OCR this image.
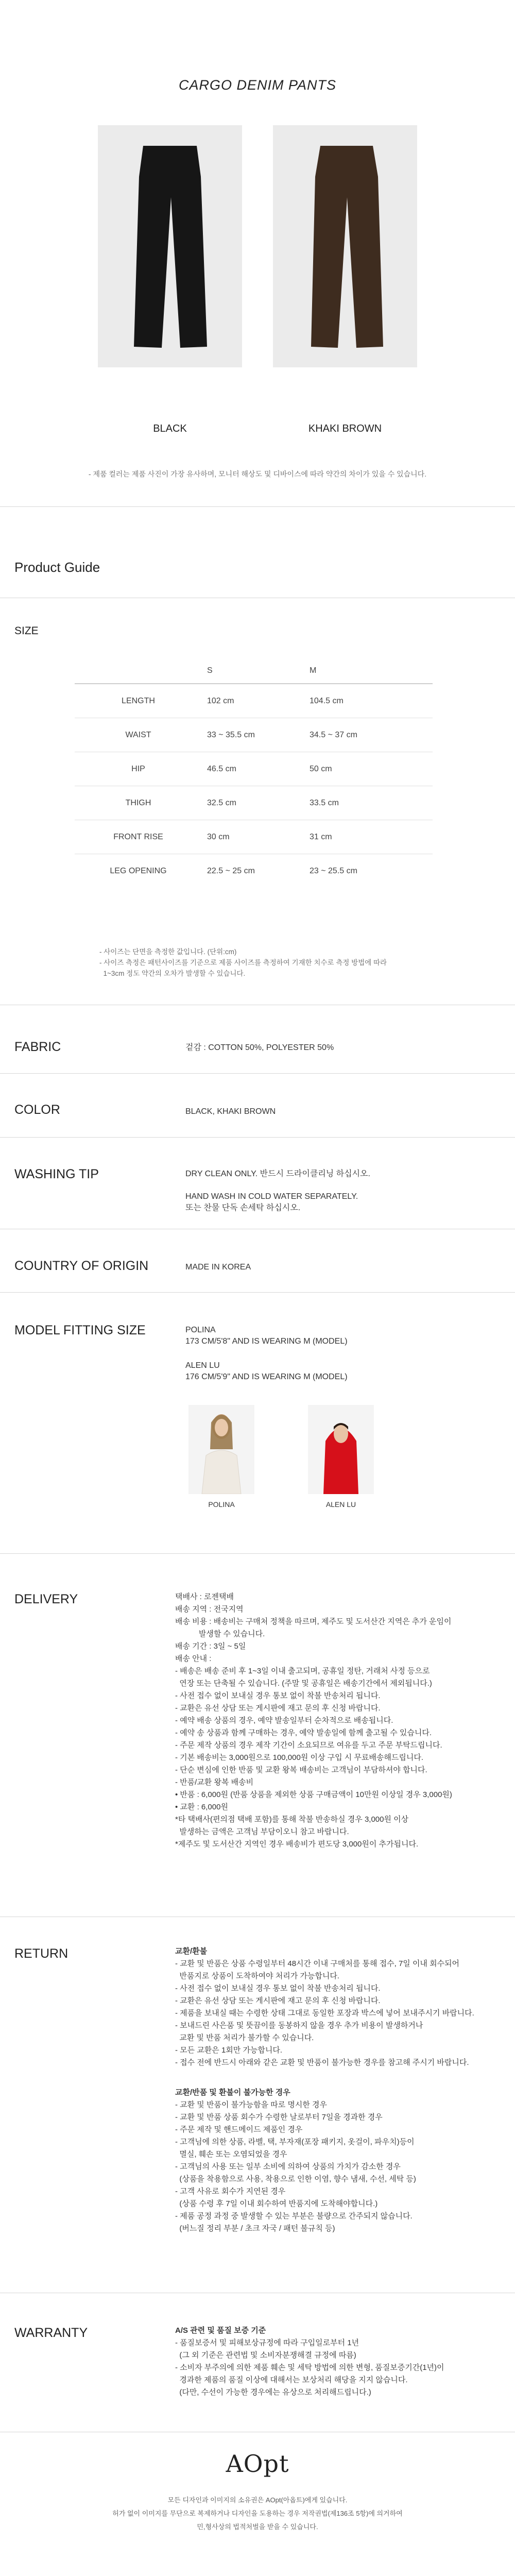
CARGO DENIM PANTS
BLACK	KHAKI BROWN
- 제품 컬러는 제품 사진이 가장 유사하며, 모니터 해상도 및 디바이스에 따라 약간의 차이가 있을 수 있습니다.
Product Guide
SIZE
	S	M
LENGTH	102 cm	104.5 cm
WAIST	33 ~ 35.5 cm	34.5 ~ 37 cm
HIP	46.5 cm	50 cm
THIGH	32.5 cm	33.5 cm
FRONT RISE	30 cm	31 cm
LEG OPENING	22.5 ~ 25 cm	23 ~ 25.5 cm
- 사이즈는 단면을 측정한 값입니다. (단위:cm)
- 사이즈 측정은 패턴사이즈를 기준으로 제품 사이즈를 측정하여 기재한 치수로 측정 방법에 따라
1~3cm 정도 약간의 오차가 발생할 수 있습니다.
FABRIC	겉감 : COTTON 50%, POLYESTER 50%
COLOR	BLACK, KHAKI BROWN
WASHING TIP	DRY CLEAN ONLY. 반드시 드라이클리닝 하십시오.
HAND WASH IN COLD WATER SEPARATELY.
또는 찬물 단독 손세탁 하십시오.
COUNTRY OF ORIGIN	MADE IN KOREA
MODEL FITTING SIZE	POLINA
173 CM/5'8" AND IS WEARING M (MODEL)
ALEN LU
176 CM/5'9" AND IS WEARING M (MODEL)
POLINA	ALEN LU
DELIVERY	택배사 : 로젠택배
배송 지역 : 전국지역
배송 비용 : 배송비는 구매처 정책을 따르며, 제주도 및 도서산간 지역은 추가 운임이
발생할 수 있습니다.
배송 기간 : 3일 ~ 5일
배송 안내 :
- 배송은 배송 준비 후 1~3일 이내 출고되며, 공휴일 정탄, 거래처 사정 등으로
연장 또는 단축될 수 있습니다. (주말 및 공휴일은 배송기간에서 제외됩니다.)
- 사전 접수 없이 보내실 경우 통보 없이 착불 반송처리 됩니다.
- 교환은 유선 상담 또는 게시판에 재고 문의 후 신청 바랍니다.
- 예약 배송 상품의 경우, 예약 발송일부터 순차적으로 배송됩니다.
- 예약 송 상품과 함께 구매하는 경우, 예약 발송일에 함께 출고될 수 있습니다.
- 주문 제작 상품의 경우 제작 기간이 소요되므로 여유를 두고 주문 부탁드립니다.
- 기본 배송비는 3,000원으로 100,000원 이상 구입 시 무료배송해드립니다.
- 단순 변심에 인한 반품 및 교환 왕복 배송비는 고객님이 부담하셔야 합니다.
- 반품/교환 왕복 배송비
• 반품 : 6,000원 (반품 상품을 제외한 상품 구매금액이 10만원 이상일 경우 3,000원)
• 교환 : 6,000원
*타 택배사(편의점 택배 포함)를 통해 착불 반송하실 경우 3,000원 이상
발생하는 금액은 고객님 부담이오니 참고 바랍니다.
*제주도 및 도서산간 지역인 경우 배송비가 편도당 3,000원이 추가됩니다.
RETURN	교환/환불
- 교환 및 반품은 상품 수령일부터 48시간 이내 구매처를 통해 접수, 7일 이내 회수되어
반품지로 상품이 도착하여야 처리가 가능합니다.
- 사전 접수 없이 보내실 경우 통보 없이 착불 반송처리 됩니다.
- 교환은 유선 상담 또는 게시판에 재고 문의 후 신청 바랍니다.
- 제품을 보내실 때는 수령한 상태 그대로 동일한 포장과 박스에 넣어 보내주시기 바랍니다.
- 보내드린 사은품 및 뜻끔이를 동봉하지 않을 경우 추가 비용이 발생하거나
교환 및 반품 처리가 불가할 수 있습니다.
- 모든 교환은 1회만 가능합니다.
- 접수 전에 반드시 아래와 같은 교환 및 반품이 불가능한 경우를 참고해 주시기 바랍니다.
교환/반품 및 환불이 불가능한 경우
- 교환 및 반품이 불가능함을 따로 명시한 경우
- 교환 및 반품 상품 회수가 수령한 날로부터 7일을 경과한 경우
- 주문 제작 및 핸드메이드 제품인 경우
- 고객님에 의한 상품, 라벨, 택, 부자재(포장 패키지, 옷걸이, 파우치)등이
멸실, 훼손 또는 오염되었을 경우
- 고객님의 사용 또는 일부 소비에 의하여 상품의 가치가 감소한 경우
(상품을 착용함으로 사용, 착용으로 인한 이염, 향수 냄새, 수선, 세탁 등)
- 고객 사유로 회수가 지연된 경우
(상품 수령 후 7일 이내 회수하여 반품지에 도착해야합니다.)
- 제품 공정 과정 중 발생할 수 있는 부분은 불량으로 간주되지 않습니다.
(버느질 정리 부분 / 초크 자국 / 패턴 불규칙 등)
WARRANTY	A/S 관련 및 품질 보증 기준
- 품질보증서 및 피해보상규정에 따라 구입일로부터 1년
(그 외 기준은 관련법 및 소비자분쟁해결 규정에 따름)
- 소비자 부주의에 의한 제품 훼손 및 세탁 방법에 의한 변형, 품질보증기간(1년)이
경과한 제품의 품질 이상에 대해서는 보상처리 해당을 지지 않습니다.
(다만, 수선이 가능한 경우에는 유상으로 처리해드립니다.)
AOpt
모든 디자인과 이미지의 소유권은 AOpt(아옵트)에게 있습니다.
허가 없이 이미지를 무단으로 복제하거나 디자인을 도용하는 경우 저작권법(제136조 5항)에 의거하여
민,형사상의 법적처벌을 받을 수 있습니다.
